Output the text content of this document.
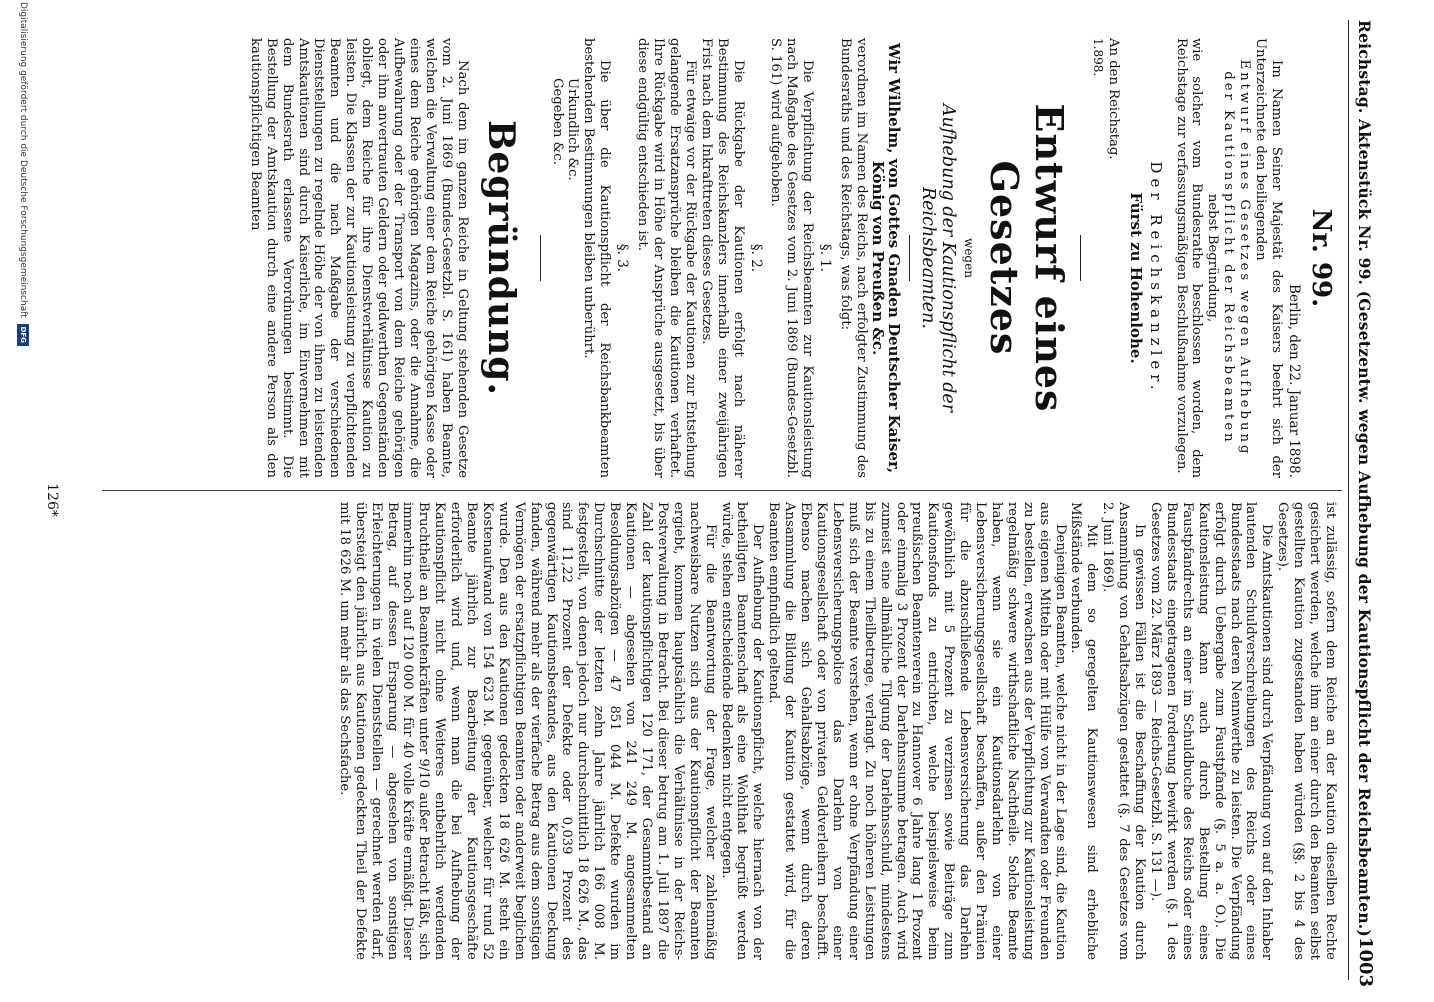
Reichstag. Aktenstück Nr. 99. (Gesetzentw. wegen Aufhebung der Kautionspflicht der Reichsbeamten.)
1003
Nr. 99.
Berlin, den 22. Januar 1898.

Im Namen Seiner Majestät des Kaisers beehrt sich der Unterzeichnete den beiliegenden

Entwurf eines Gesetzes wegen Aufhebung

der Kautionspflicht der Reichsbeamten

nebst Begründung,

wie solcher vom Bundesrathe beschlossen worden, dem Reichstage zur verfassungsmäßigen Beschlußnahme vorzulegen.

Der Reichskanzler.
Fürst zu Hohenlohe.

An den Reichstag.

1.898.

Entwurf eines Gesetzes

wegen

Aufhebung der Kautionspflicht der Reichsbeamten.

Wir Wilhelm, von Gottes Gnaden Deutscher Kaiser,

König von Preußen &c.

verordnen im Namen des Reichs, nach erfolgter Zustimmung des Bundesraths und des Reichstags, was folgt:

§. 1.

Die Verpflichtung der Reichsbeamten zur Kautionsleistung nach Maßgabe des Gesetzes vom 2. Juni 1869 (Bundes-Gesetzbl. S. 161) wird aufgehoben.

§. 2.

Die Rückgabe der Kautionen erfolgt nach näherer Bestimmung des Reichskanzlers innerhalb einer zweijährigen Frist nach dem Inkrafttreten dieses Gesetzes.

Für etwaige vor der Rückgabe der Kautionen zur Entstehung gelangende Ersatzansprüche bleiben die Kautionen verhaftet. Ihre Rückgabe wird in Höhe der Ansprüche ausgesetzt, bis über diese endgültig entschieden ist.

§. 3.

Die über die Kautionspflicht der Reichsbankbeamten bestehenden Bestimmungen bleiben unberührt.

Urkundlich &c.

Gegeben &c.

Begründung.

Nach dem im ganzen Reiche in Geltung stehenden Gesetze vom 2. Juni 1869 (Bundes-Gesetzbl. S. 161) haben Beamte, welchen die Verwaltung einer dem Reiche gehörigen Kasse oder eines dem Reiche gehörigen Magazins, oder die Annahme, die Aufbewahrung oder der Transport von dem Reiche gehörigen oder ihm anvertrauten Geldern oder geldwerthen Gegenständen obliegt, dem Reiche für ihre Dienstverhältnisse Kaution zu leisten. Die Klassen der zur Kautionsleistung zu verpflichtenden Beamten und die nach Maßgabe der verschiedenen Dienststellungen zu regelnde Höhe der von ihnen zu leistenden Amtskautionen sind durch Kaiserliche, im Einvernehmen mit dem Bundesrath erlassene Verordnungen bestimmt. Die Bestellung der Amtskaution durch eine andere Person als den kautionspflichtigen Beamten

ist zulässig, sofern dem Reiche an der Kaution dieselben Rechte gesichert werden, welche ihm an einer durch den Beamten selbst gestellten Kaution zugestanden haben würden (§§. 2 bis 4 des Gesetzes).

Die Amtskautionen sind durch Verpfändung von auf den Inhaber lautenden Schuldverschreibungen des Reichs oder eines Bundesstaats nach deren Nennwerthe zu leisten. Die Verpfändung erfolgt durch Uebergabe zum Faustpfande (§. 5 a. a. O.). Die Kautionsleistung kann auch durch Bestellung eines Faustpfandrechts an einer im Schuldbuche des Reichs oder eines Bundesstaats eingetragenen Forderung bewirkt werden (§. 1 des Gesetzes vom 22. März 1893 — Reichs-Gesetzbl. S. 131 —).

In gewissen Fällen ist die Beschaffung der Kaution durch Ansammlung von Gehaltsabzügen gestattet (§. 7 des Gesetzes vom 2. Juni 1869).

Mit dem so geregelten Kautionswesen sind erhebliche Mißstände verbunden.

Denjenigen Beamten, welche nicht in der Lage sind, die Kaution aus eigenen Mitteln oder mit Hülfe von Verwandten oder Freunden zu bestellen, erwachsen aus der Verpflichtung zur Kautionsleistung regelmäßig schwere wirthschaftliche Nachtheile. Solche Beamte haben, wenn sie ein Kautionsdarlehn von einer Lebensversicherungsgesellschaft beschaffen, außer den Prämien für die abzuschließende Lebensversicherung das Darlehn gewöhnlich mit 5 Prozent zu verzinsen sowie Beiträge zum Kautionsfonds zu entrichten, welche beispielsweise beim preußischen Beamtenverein zu Hannover 6 Jahre lang 1 Prozent oder einmalig 3 Prozent der Darlehnssumme betragen. Auch wird zumeist eine allmähliche Tilgung der Darlehnsschuld, mindestens bis zu einem Theilbetrage, verlangt. Zu noch höheren Leistungen muß sich der Beamte verstehen, wenn er ohne Verpfändung einer Lebensversicherungspolice das Darlehn von einer Kautionsgesellschaft oder von privaten Geldverleihern beschafft. Ebenso machen sich Gehaltsabzüge, wenn durch deren Ansammlung die Bildung der Kaution gestattet wird, für die Beamten empfindlich geltend.

Der Aufhebung der Kautionspflicht, welche hiernach von der betheiligten Beamtenschaft als eine Wohlthat begrüßt werden würde, stehen entscheidende Bedenken nicht entgegen.

Für die Beantwortung der Frage, welcher zahlenmäßig nachweisbare Nutzen sich aus der Kautionspflicht der Beamten ergiebt, kommen hauptsächlich die Verhältnisse in der Reichs-Postverwaltung in Betracht. Bei dieser betrug am 1. Juli 1897 die Zahl der kautionspflichtigen 120 171, der Gesammtbestand an Kautionen — abgesehen von 241 249 M. angesammelten Besoldungsabzügen — 47 851 044 M. Defekte wurden im Durchschnitte der letzten zehn Jahre jährlich 166 008 M. festgestellt, von denen jedoch nur durchschnittlich 18 626 M., das sind 11,22 Prozent der Defekte oder 0,039 Prozent des gegenwärtigen Kautionsbestandes, aus den Kautionen Deckung fanden, während mehr als der vierfache Betrag aus dem sonstigen Vermögen der ersatzpflichtigen Beamten oder anderweit beglichen wurde. Den aus den Kautionen gedeckten 18 626 M. steht ein Kostenaufwand von 154 623 M. gegenüber, welcher für rund 52 Beamte jährlich zur Bearbeitung der Kautionsgeschäfte erforderlich wird und, wenn man die bei Aufhebung der Kautionspflicht nicht ohne Weiteres entbehrlich werdenden Bruchtheile an Beamtenkräften unter 9/10 außer Betracht läßt, sich immerhin noch auf 120 000 M. für 40 volle Kräfte ermäßigt. Dieser Betrag, auf dessen Ersparung — abgesehen von sonstigen Erleichterungen in vielen Dienststellen — gerechnet werden darf, übersteigt den jährlich aus Kautionen gedeckten Theil der Defekte mit 18 626 M. um mehr als das Sechsfache.

126*
Digitalisierung gefördert durch die Deutsche Forschungsgemeinschaft
DFG
